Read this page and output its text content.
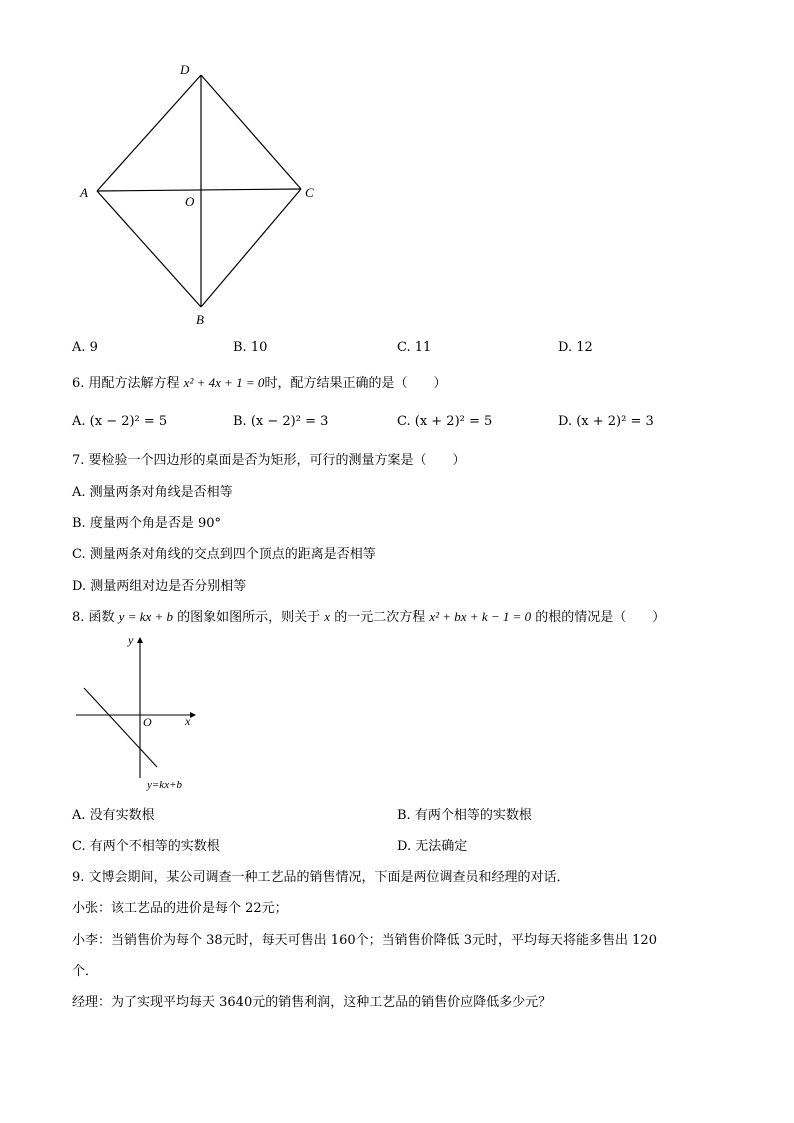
D
A	C
O
B
A. 9	B. 10	C. 11	D. 12
6. 用配方法解方程 x² + 4x + 1 = 0时，配方结果正确的是（　　）
A. (x − 2)² = 5	B. (x − 2)² = 3	C. (x + 2)² = 5	D. (x + 2)² = 3
7. 要检验一个四边形的桌面是否为矩形，可行的测量方案是（　　）
A. 测量两条对角线是否相等
B. 度量两个角是否是 90°
C. 测量两条对角线的交点到四个顶点的距离是否相等
D. 测量两组对边是否分别相等
8. 函数 y = kx + b 的图象如图所示，则关于 x 的一元二次方程 x² + bx + k − 1 = 0 的根的情况是（　　）
y
x
O
y=kx+b
A. 没有实数根	B. 有两个相等的实数根
C. 有两个不相等的实数根	D. 无法确定
9. 文博会期间，某公司调查一种工艺品的销售情况，下面是两位调查员和经理的对话．
小张：该工艺品的进价是每个 22元；
小李：当销售价为每个 38元时，每天可售出 160个；当销售价降低 3元时，平均每天将能多售出 120
个．
经理：为了实现平均每天 3640元的销售利润，这种工艺品的销售价应降低多少元？
